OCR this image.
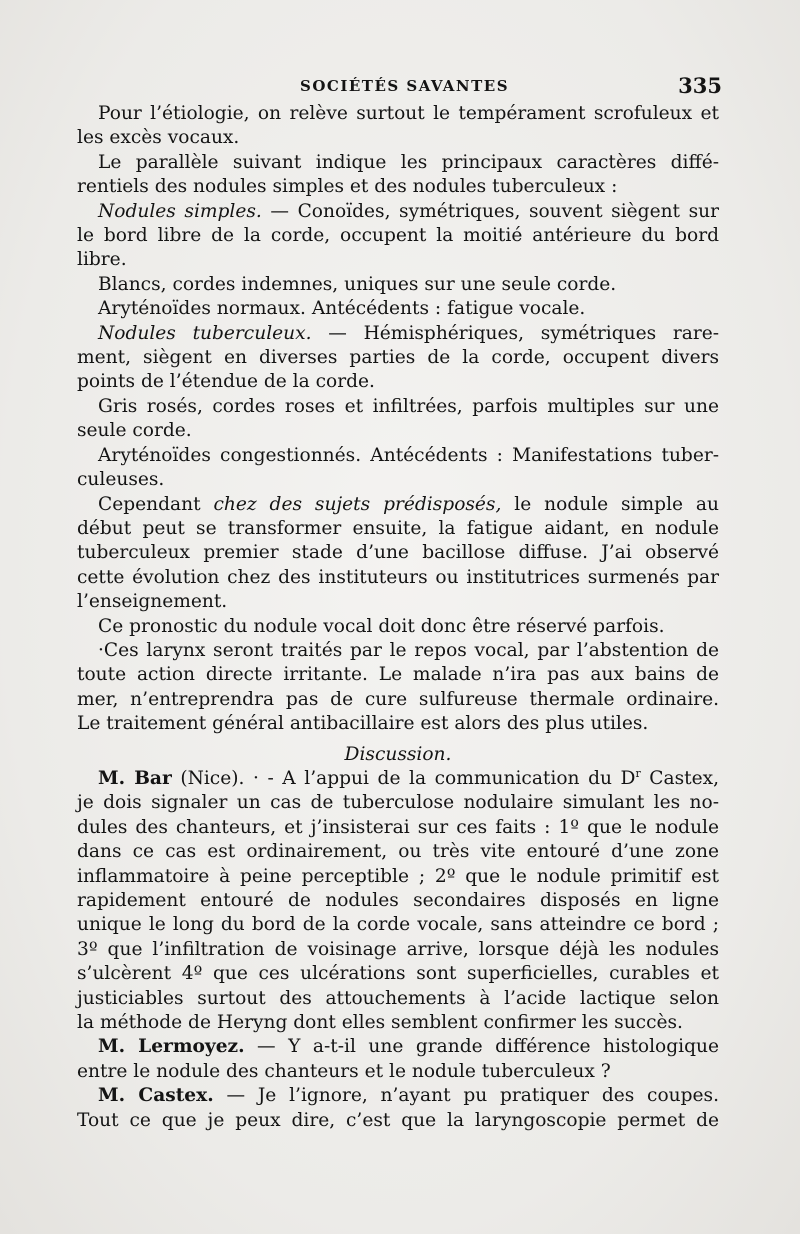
SOCIÉTÉS SAVANTES	335
Pour l’étiologie, on relève surtout le tempérament scrofuleux et
les excès vocaux.
Le parallèle suivant indique les principaux caractères diffé-
rentiels des nodules simples et des nodules tuberculeux :
Nodules simples. — Conoïdes, symétriques, souvent siègent sur
le bord libre de la corde, occupent la moitié antérieure du bord
libre.
Blancs, cordes indemnes, uniques sur une seule corde.
Aryténoïdes normaux. Antécédents : fatigue vocale.
Nodules tuberculeux. — Hémisphériques, symétriques rare-
ment, siègent en diverses parties de la corde, occupent divers
points de l’étendue de la corde.
Gris rosés, cordes roses et infiltrées, parfois multiples sur une
seule corde.
Aryténoïdes congestionnés. Antécédents : Manifestations tuber-
culeuses.
Cependant chez des sujets prédisposés, le nodule simple au
début peut se transformer ensuite, la fatigue aidant, en nodule
tuberculeux premier stade d’une bacillose diffuse. J’ai observé
cette évolution chez des instituteurs ou institutrices surmenés par
l’enseignement.
Ce pronostic du nodule vocal doit donc être réservé parfois.
·Ces larynx seront traités par le repos vocal, par l’abstention de
toute action directe irritante. Le malade n’ira pas aux bains de
mer, n’entreprendra pas de cure sulfureuse thermale ordinaire.
Le traitement général antibacillaire est alors des plus utiles.
Discussion.
M. Bar (Nice). · - A l’appui de la communication du $D^r$ Castex,
je dois signaler un cas de tuberculose nodulaire simulant les no-
dules des chanteurs, et j’insisterai sur ces faits : 1º que le nodule
dans ce cas est ordinairement, ou très vite entouré d’une zone
inflammatoire à peine perceptible ; 2º que le nodule primitif est
rapidement entouré de nodules secondaires disposés en ligne
unique le long du bord de la corde vocale, sans atteindre ce bord ;
3º que l’infiltration de voisinage arrive, lorsque déjà les nodules
s’ulcèrent 4º que ces ulcérations sont superficielles, curables et
justiciables surtout des attouchements à l’acide lactique selon
la méthode de Heryng dont elles semblent confirmer les succès.
M. Lermoyez. — Y a-t-il une grande différence histologique
entre le nodule des chanteurs et le nodule tuberculeux ?
M. Castex. — Je l’ignore, n’ayant pu pratiquer des coupes.
Tout ce que je peux dire, c’est que la laryngoscopie permet de
